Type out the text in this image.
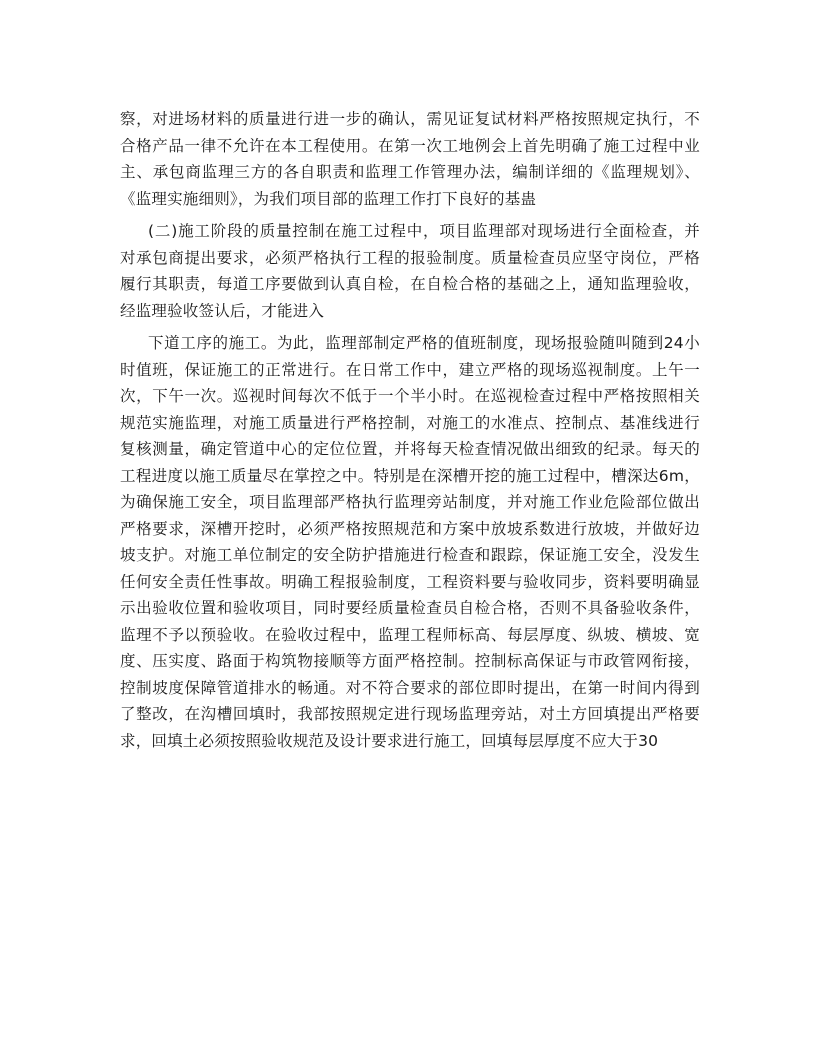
察，对进场材料的质量进行进一步的确认，需见证复试材料严格按照规定执行，不
合格产品一律不允许在本工程使用。在第一次工地例会上首先明确了施工过程中业
主、承包商监理三方的各自职责和监理工作管理办法，编制详细的《监理规划》、
《监理实施细则》，为我们项目部的监理工作打下良好的基蛊
(二)施工阶段的质量控制在施工过程中，项目监理部对现场进行全面检查，并
对承包商提出要求，必须严格执行工程的报验制度。质量检查员应坚守岗位，严格
履行其职责，每道工序要做到认真自检，在自检合格的基础之上，通知监理验收，
经监理验收签认后，才能进入
下道工序的施工。为此，监理部制定严格的值班制度，现场报验随叫随到24小
时值班，保证施工的正常进行。在日常工作中，建立严格的现场巡视制度。上午一
次，下午一次。巡视时间每次不低于一个半小时。在巡视检查过程中严格按照相关
规范实施监理，对施工质量进行严格控制，对施工的水准点、控制点、基准线进行
复核测量，确定管道中心的定位位置，并将每天检查情况做出细致的纪录。每天的
工程进度以施工质量尽在掌控之中。特别是在深槽开挖的施工过程中，槽深达6m，
为确保施工安全，项目监理部严格执行监理旁站制度，并对施工作业危险部位做出
严格要求，深槽开挖时，必须严格按照规范和方案中放坡系数进行放坡，并做好边
坡支护。对施工单位制定的安全防护措施进行检查和跟踪，保证施工安全，没发生
任何安全责任性事故。明确工程报验制度，工程资料要与验收同步，资料要明确显
示出验收位置和验收项目，同时要经质量检查员自检合格，否则不具备验收条件，
监理不予以预验收。在验收过程中，监理工程师标高、每层厚度、纵坡、横坡、宽
度、压实度、路面于构筑物接顺等方面严格控制。控制标高保证与市政管网衔接，
控制坡度保障管道排水的畅通。对不符合要求的部位即时提出，在第一时间内得到
了整改，在沟槽回填时，我部按照规定进行现场监理旁站，对土方回填提出严格要
求，回填土必须按照验收规范及设计要求进行施工，回填每层厚度不应大于30
